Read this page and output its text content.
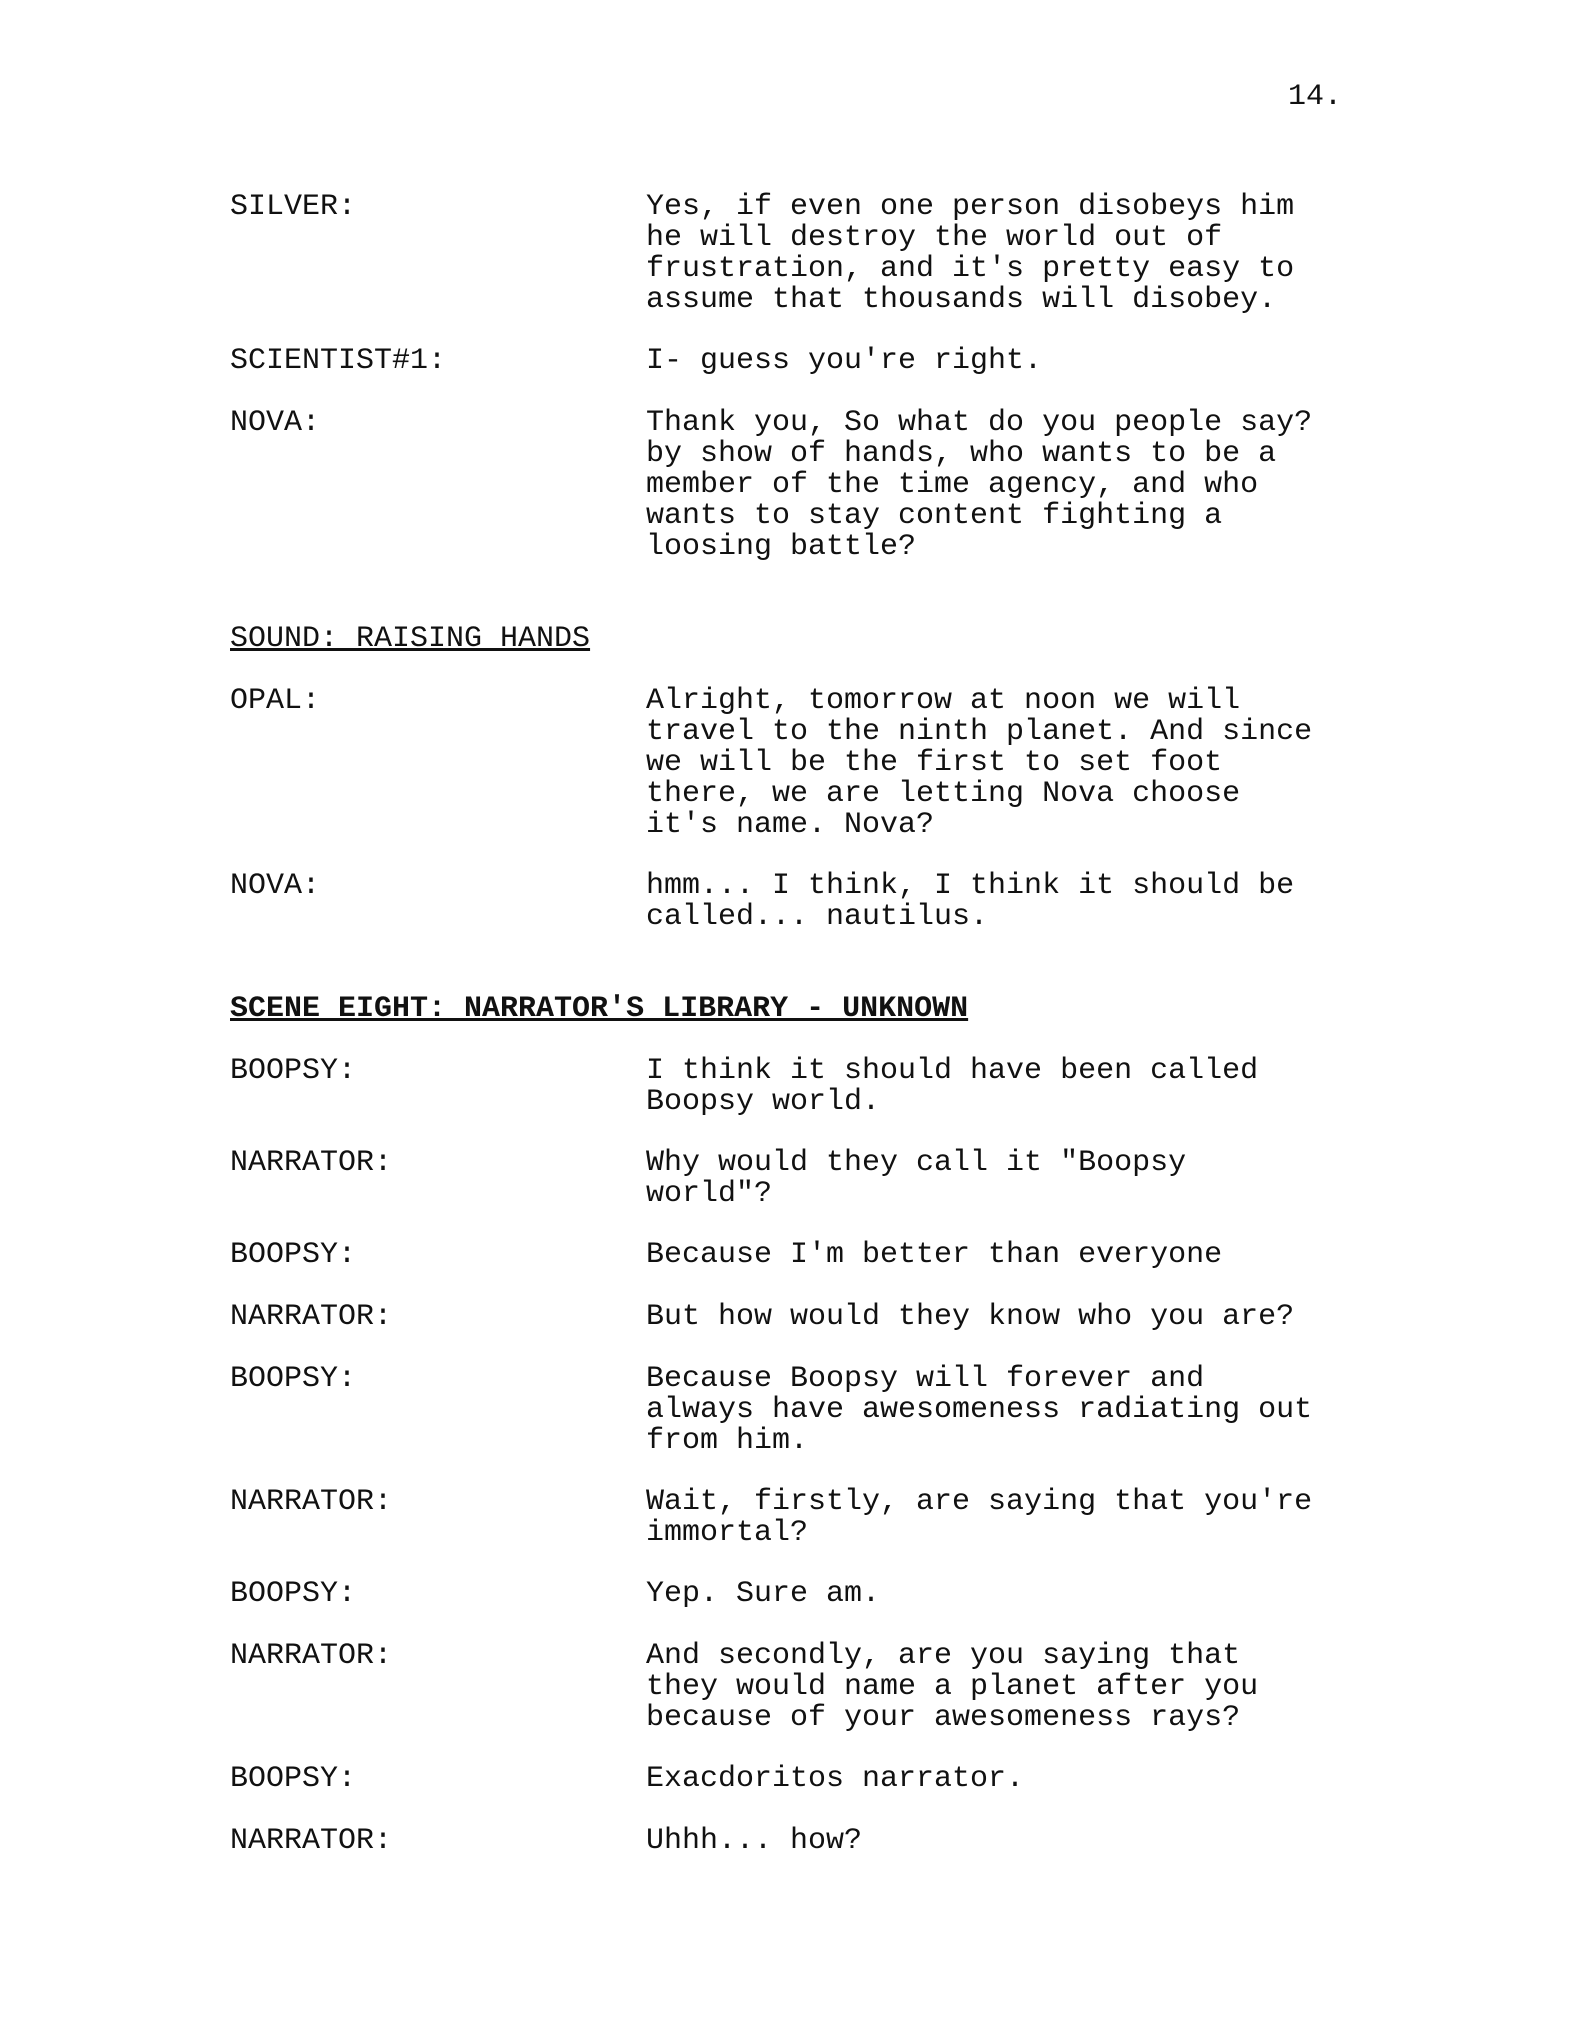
14.
SILVER:	Yes, if even one person disobeys him
he will destroy the world out of
frustration, and it's pretty easy to
assume that thousands will disobey.
SCIENTIST#1:	I- guess you're right.
NOVA:	Thank you, So what do you people say?
by show of hands, who wants to be a
member of the time agency, and who
wants to stay content fighting a
loosing battle?
SOUND: RAISING HANDS
OPAL:	Alright, tomorrow at noon we will
travel to the ninth planet. And since
we will be the first to set foot
there, we are letting Nova choose
it's name. Nova?
NOVA:	hmm... I think, I think it should be
called... nautilus.
SCENE EIGHT: NARRATOR'S LIBRARY - UNKNOWN
BOOPSY:	I think it should have been called
Boopsy world.
NARRATOR:	Why would they call it "Boopsy
world"?
BOOPSY:	Because I'm better than everyone
NARRATOR:	But how would they know who you are?
BOOPSY:	Because Boopsy will forever and
always have awesomeness radiating out
from him.
NARRATOR:	Wait, firstly, are saying that you're
immortal?
BOOPSY:	Yep. Sure am.
NARRATOR:	And secondly, are you saying that
they would name a planet after you
because of your awesomeness rays?
BOOPSY:	Exacdoritos narrator.
NARRATOR:	Uhhh... how?
